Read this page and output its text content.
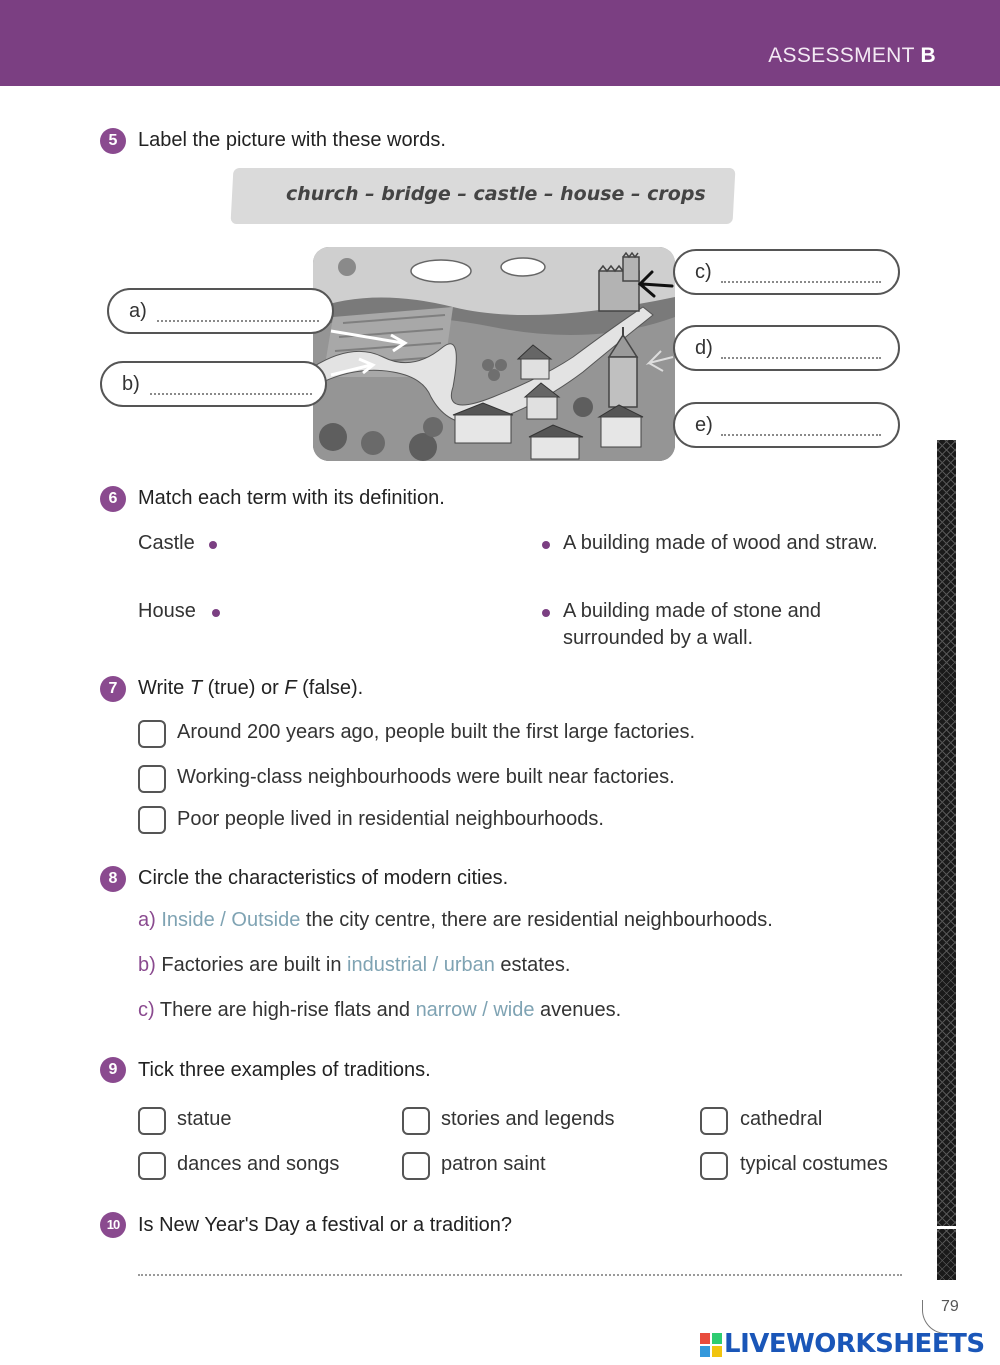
ASSESSMENT B
5	Label the picture with these words.
church – bridge – castle – house – crops
a)
b)
c)
d)
e)
6	Match each term with its definition.
Castle
House
A building made of wood and straw.
A building made of stone and
surrounded by a wall.
7	Write T (true) or F (false).
Around 200 years ago, people built the first large factories.
Working-class neighbourhoods were built near factories.
Poor people lived in residential neighbourhoods.
8	Circle the characteristics of modern cities.
a) Inside / Outside the city centre, there are residential neighbourhoods.
b) Factories are built in industrial / urban estates.
c) There are high-rise flats and narrow / wide avenues.
9	Tick three examples of traditions.
statue	stories and legends	cathedral
dances and songs	patron saint	typical costumes
10 Is New Year's Day a festival or a tradition?
79
LIVEWORKSHEETS
